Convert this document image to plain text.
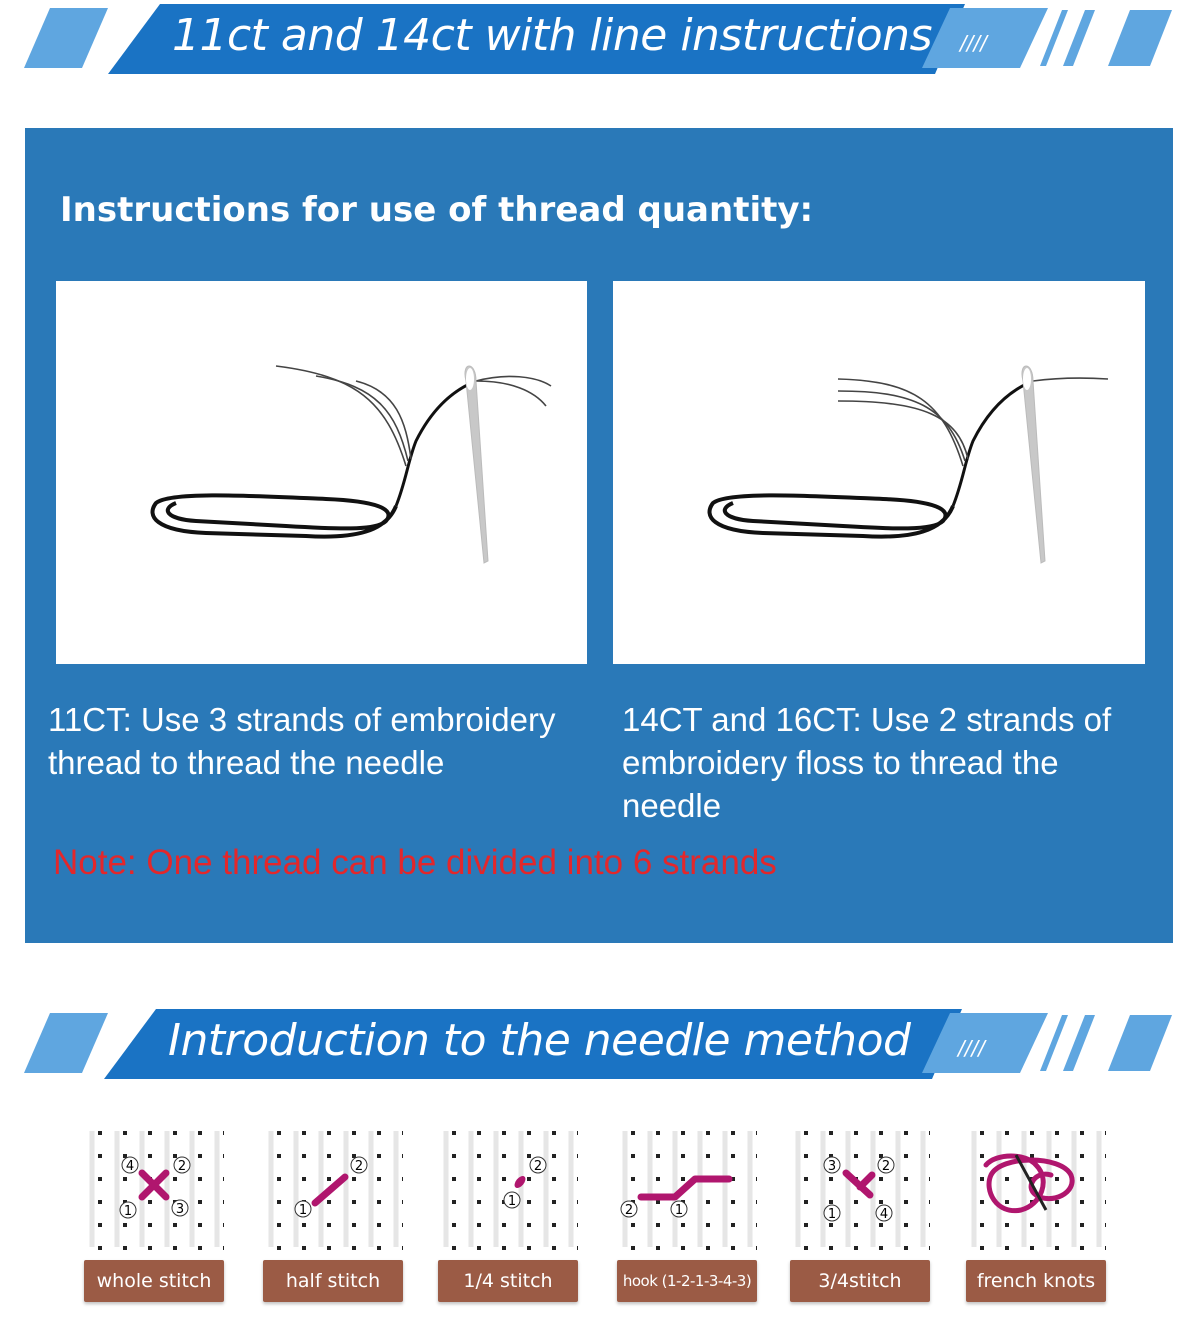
////
11ct and 14ct with line instructions
Instructions for use of thread quantity:
11CT: Use 3 strands of embroidery thread to thread the needle
14CT and 16CT: Use 2 strands of embroidery floss to thread the needle
Note: One thread can be divided into 6 strands
////
Introduction to the needle method
4	2
1	3
whole stitch
2
1
half stitch
2
1
1/4 stitch
2	1
hook (1-2-1-3-4-3)
3	2
1	4
3/4stitch	french knots
